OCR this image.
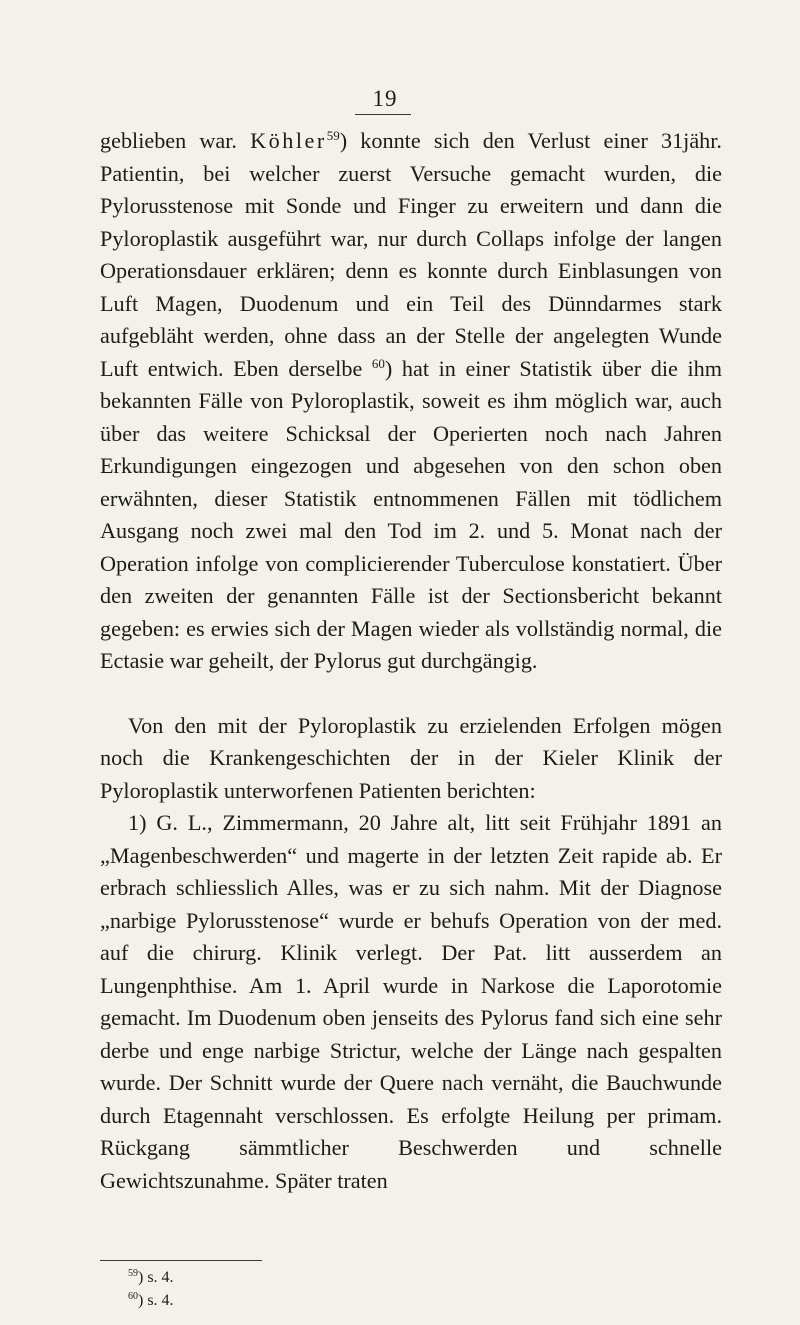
19

geblieben war. Köhler$^{59}$) konnte sich den Verlust einer 31jähr. Patientin, bei welcher zuerst Versuche gemacht wurden, die Pylorusstenose mit Sonde und Finger zu erweitern und dann die Pyloroplastik ausgeführt war, nur durch Collaps infolge der langen Operationsdauer erklären; denn es konnte durch Einblasungen von Luft Magen, Duodenum und ein Teil des Dünndarmes stark aufgebläht werden, ohne dass an der Stelle der angelegten Wunde Luft entwich. Eben derselbe $^{60}$) hat in einer Statistik über die ihm bekannten Fälle von Pyloroplastik, soweit es ihm möglich war, auch über das weitere Schicksal der Operierten noch nach Jahren Erkundigungen eingezogen und abgesehen von den schon oben erwähnten, dieser Statistik entnommenen Fällen mit tödlichem Ausgang noch zwei mal den Tod im 2. und 5. Monat nach der Operation infolge von complicierender Tuberculose konstatiert. Über den zweiten der genannten Fälle ist der Sectionsbericht bekannt gegeben: es erwies sich der Magen wieder als vollständig normal, die Ectasie war geheilt, der Pylorus gut durchgängig.

Von den mit der Pyloroplastik zu erzielenden Erfolgen mögen noch die Krankengeschichten der in der Kieler Klinik der Pyloroplastik unterworfenen Patienten berichten:

1) G. L., Zimmermann, 20 Jahre alt, litt seit Frühjahr 1891 an „Magenbeschwerden“ und magerte in der letzten Zeit rapide ab. Er erbrach schliesslich Alles, was er zu sich nahm. Mit der Diagnose „narbige Pylorusstenose“ wurde er behufs Operation von der med. auf die chirurg. Klinik verlegt. Der Pat. litt ausserdem an Lungenphthise. Am 1. April wurde in Narkose die Laporotomie gemacht. Im Duodenum oben jenseits des Pylorus fand sich eine sehr derbe und enge narbige Strictur, welche der Länge nach gespalten wurde. Der Schnitt wurde der Quere nach vernäht, die Bauchwunde durch Etagennaht verschlossen. Es erfolgte Heilung per primam. Rückgang sämmtlicher Beschwerden und schnelle Gewichtszunahme. Später traten

$^{59}$) s. 4.
$^{60}$) s. 4.
